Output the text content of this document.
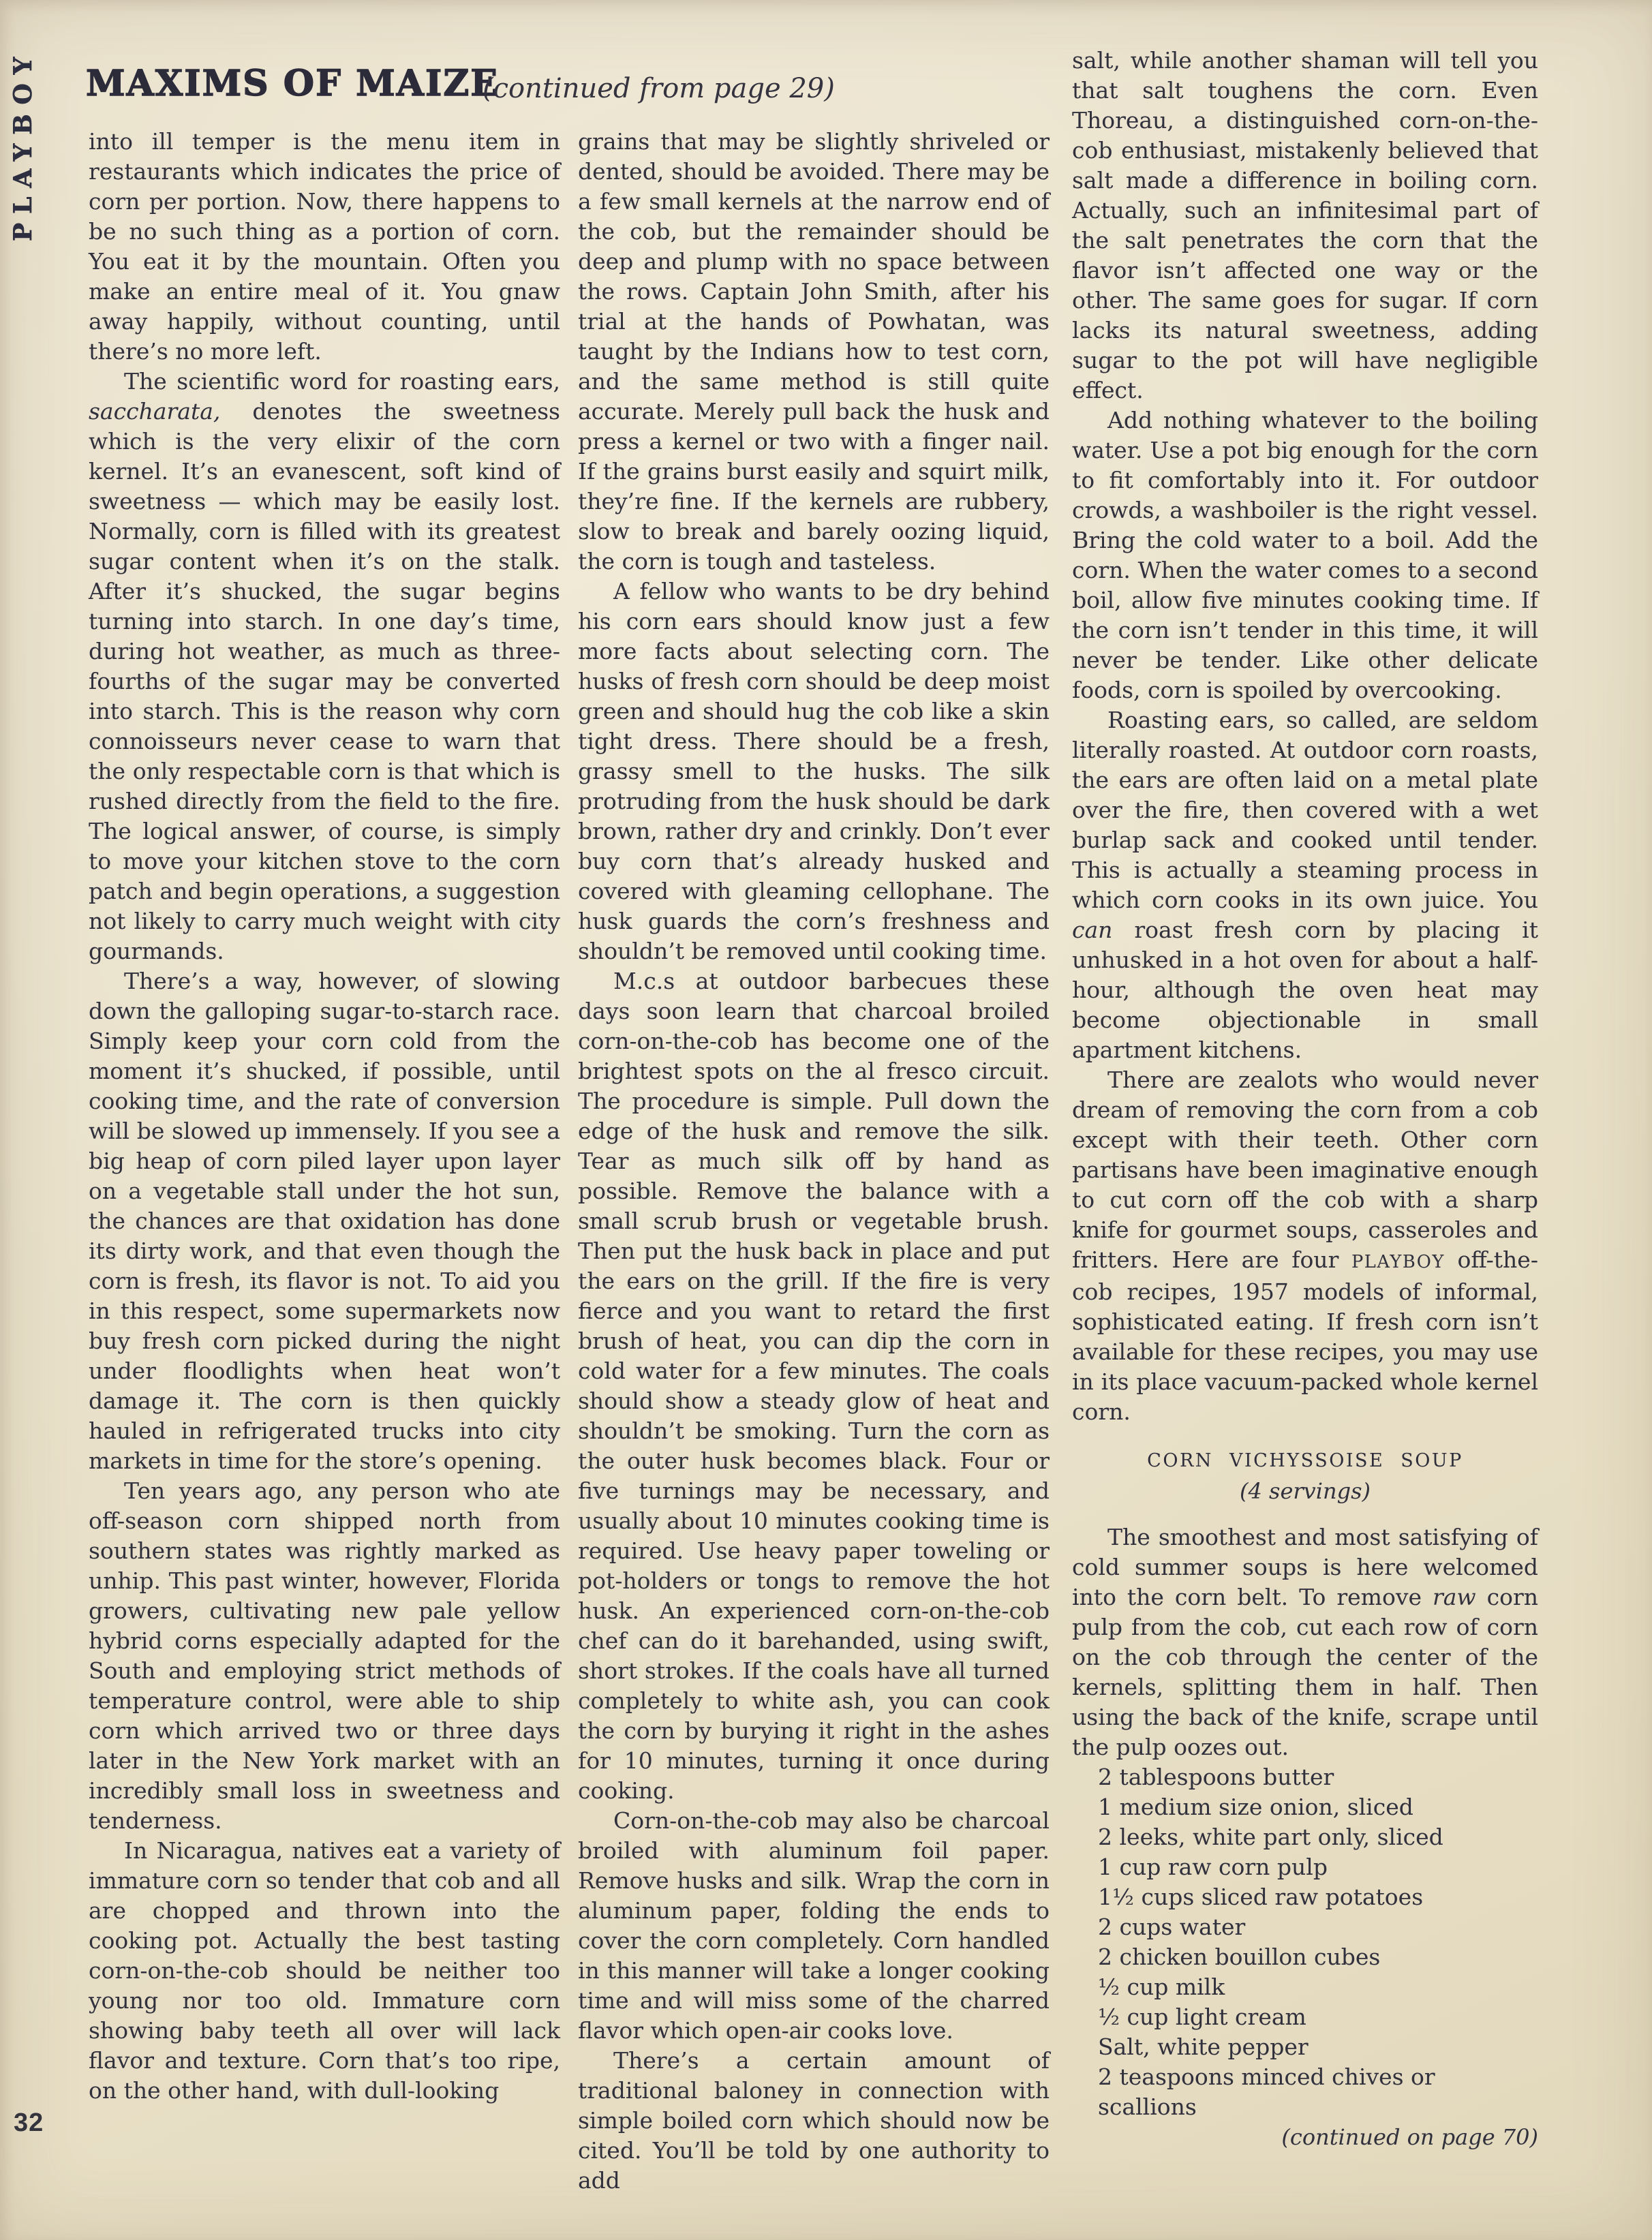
PLAYBOY MAXIMS OF MAIZE
(continued from page 29)

into ill temper is the menu item in restaurants which indicates the price of corn per portion. Now, there happens to be no such thing as a portion of corn. You eat it by the mountain. Often you make an entire meal of it. You gnaw away happily, without counting, until there’s no more left.

The scientific word for roasting ears, saccharata, denotes the sweetness which is the very elixir of the corn kernel. It’s an evanescent, soft kind of sweetness — which may be easily lost. Normally, corn is filled with its greatest sugar content when it’s on the stalk. After it’s shucked, the sugar begins turning into starch. In one day’s time, during hot weather, as much as three-fourths of the sugar may be converted into starch. This is the reason why corn connoisseurs never cease to warn that the only respectable corn is that which is rushed directly from the field to the fire. The logical answer, of course, is simply to move your kitchen stove to the corn patch and begin operations, a suggestion not likely to carry much weight with city gourmands.

There’s a way, however, of slowing down the galloping sugar-to-starch race. Simply keep your corn cold from the moment it’s shucked, if possible, until cooking time, and the rate of conversion will be slowed up immensely. If you see a big heap of corn piled layer upon layer on a vegetable stall under the hot sun, the chances are that oxidation has done its dirty work, and that even though the corn is fresh, its flavor is not. To aid you in this respect, some supermarkets now buy fresh corn picked during the night under floodlights when heat won’t damage it. The corn is then quickly hauled in refrigerated trucks into city markets in time for the store’s opening.

Ten years ago, any person who ate off-season corn shipped north from southern states was rightly marked as unhip. This past winter, however, Florida growers, cultivating new pale yellow hybrid corns especially adapted for the South and employing strict methods of temperature control, were able to ship corn which arrived two or three days later in the New York market with an incredibly small loss in sweetness and tenderness.

In Nicaragua, natives eat a variety of immature corn so tender that cob and all are chopped and thrown into the cooking pot. Actually the best tasting corn-on-the-cob should be neither too young nor too old. Immature corn showing baby teeth all over will lack flavor and texture. Corn that’s too ripe, on the other hand, with dull-looking

grains that may be slightly shriveled or dented, should be avoided. There may be a few small kernels at the narrow end of the cob, but the remainder should be deep and plump with no space between the rows. Captain John Smith, after his trial at the hands of Powhatan, was taught by the Indians how to test corn, and the same method is still quite accurate. Merely pull back the husk and press a kernel or two with a finger nail. If the grains burst easily and squirt milk, they’re fine. If the kernels are rubbery, slow to break and barely oozing liquid, the corn is tough and tasteless.

A fellow who wants to be dry behind his corn ears should know just a few more facts about selecting corn. The husks of fresh corn should be deep moist green and should hug the cob like a skin tight dress. There should be a fresh, grassy smell to the husks. The silk protruding from the husk should be dark brown, rather dry and crinkly. Don’t ever buy corn that’s already husked and covered with gleaming cellophane. The husk guards the corn’s freshness and shouldn’t be removed until cooking time.

M.c.s at outdoor barbecues these days soon learn that charcoal broiled corn-on-the-cob has become one of the brightest spots on the al fresco circuit. The procedure is simple. Pull down the edge of the husk and remove the silk. Tear as much silk off by hand as possible. Remove the balance with a small scrub brush or vegetable brush. Then put the husk back in place and put the ears on the grill. If the fire is very fierce and you want to retard the first brush of heat, you can dip the corn in cold water for a few minutes. The coals should show a steady glow of heat and shouldn’t be smoking. Turn the corn as the outer husk becomes black. Four or five turnings may be necessary, and usually about 10 minutes cooking time is required. Use heavy paper toweling or pot-holders or tongs to remove the hot husk. An experienced corn-on-the-cob chef can do it barehanded, using swift, short strokes. If the coals have all turned completely to white ash, you can cook the corn by burying it right in the ashes for 10 minutes, turning it once during cooking.

Corn-on-the-cob may also be charcoal broiled with aluminum foil paper. Remove husks and silk. Wrap the corn in aluminum paper, folding the ends to cover the corn completely. Corn handled in this manner will take a longer cooking time and will miss some of the charred flavor which open-air cooks love.

There’s a certain amount of traditional baloney in connection with simple boiled corn which should now be cited. You’ll be told by one authority to add

salt, while another shaman will tell you that salt toughens the corn. Even Thoreau, a distinguished corn-on-the-cob enthusiast, mistakenly believed that salt made a difference in boiling corn. Actually, such an infinitesimal part of the salt penetrates the corn that the flavor isn’t affected one way or the other. The same goes for sugar. If corn lacks its natural sweetness, adding sugar to the pot will have negligible effect.

Add nothing whatever to the boiling water. Use a pot big enough for the corn to fit comfortably into it. For outdoor crowds, a washboiler is the right vessel. Bring the cold water to a boil. Add the corn. When the water comes to a second boil, allow five minutes cooking time. If the corn isn’t tender in this time, it will never be tender. Like other delicate foods, corn is spoiled by overcooking.

Roasting ears, so called, are seldom literally roasted. At outdoor corn roasts, the ears are often laid on a metal plate over the fire, then covered with a wet burlap sack and cooked until tender. This is actually a steaming process in which corn cooks in its own juice. You can roast fresh corn by placing it unhusked in a hot oven for about a half-hour, although the oven heat may become objectionable in small apartment kitchens.

There are zealots who would never dream of removing the corn from a cob except with their teeth. Other corn partisans have been imaginative enough to cut corn off the cob with a sharp knife for gourmet soups, casseroles and fritters. Here are four PLAYBOY off-the-cob recipes, 1957 models of informal, sophisticated eating. If fresh corn isn’t available for these recipes, you may use in its place vacuum-packed whole kernel corn.

CORN VICHYSSOISE SOUP

(4 servings)

The smoothest and most satisfying of cold summer soups is here welcomed into the corn belt. To remove raw corn pulp from the cob, cut each row of corn on the cob through the center of the kernels, splitting them in half. Then using the back of the knife, scrape until the pulp oozes out.

2 tablespoons butter
1 medium size onion, sliced
2 leeks, white part only, sliced
1 cup raw corn pulp
1½ cups sliced raw potatoes
2 cups water
2 chicken bouillon cubes
½ cup milk
½ cup light cream
Salt, white pepper
2 teaspoons minced chives or scallions

(continued on page 70)

32
